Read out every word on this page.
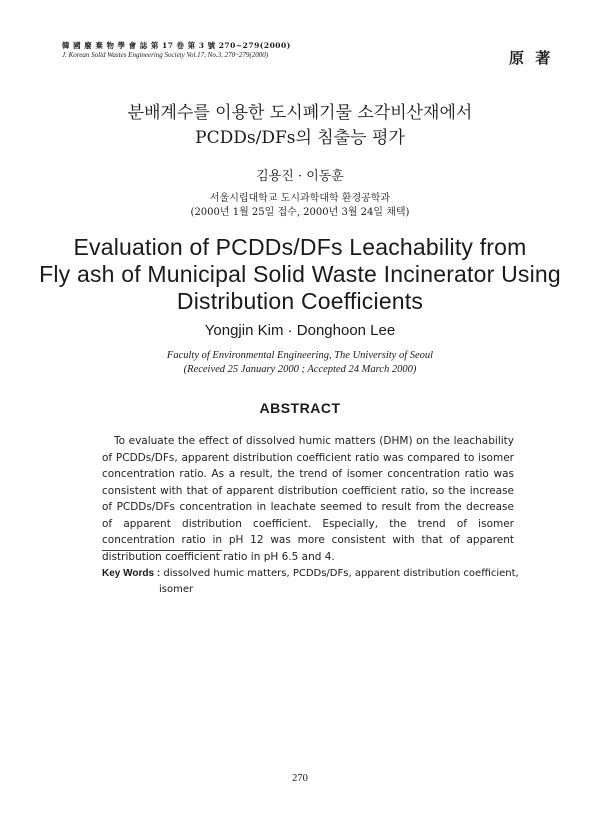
韓 國 廢 棄 物 學 會 誌 第 17 卷 第 3 號 270~279(2000)
J. Korean Solid Wastes Engineering Society Vol.17, No.3, 270~279(2000)	原 著
분배계수를 이용한 도시폐기물 소각비산재에서
PCDDs/DFs의 침출능 평가
김용진 · 이동훈
서울시립대학교 도시과학대학 환경공학과
(2000년 1월 25일 접수, 2000년 3월 24일 채택)
Evaluation of PCDDs/DFs Leachability from
Fly ash of Municipal Solid Waste Incinerator Using
Distribution Coefficients
Yongjin Kim · Donghoon Lee
Faculty of Environmental Engineering, The University of Seoul
(Received 25 January 2000 ; Accepted 24 March 2000)
ABSTRACT
To evaluate the effect of dissolved humic matters (DHM) on the leachability of PCDDs/DFs, apparent distribution coefficient ratio was compared to isomer concentration ratio. As a result, the trend of isomer concentration ratio was consistent with that of apparent distribution coefficient ratio, so the increase of PCDDs/DFs concentration in leachate seemed to result from the decrease of apparent distribution coefficient. Especially, the trend of isomer concentration ratio in pH 12 was more consistent with that of apparent distribution coefficient ratio in pH 6.5 and 4.
Key Words : dissolved humic matters, PCDDs/DFs, apparent distribution coefficient,
isomer
270
